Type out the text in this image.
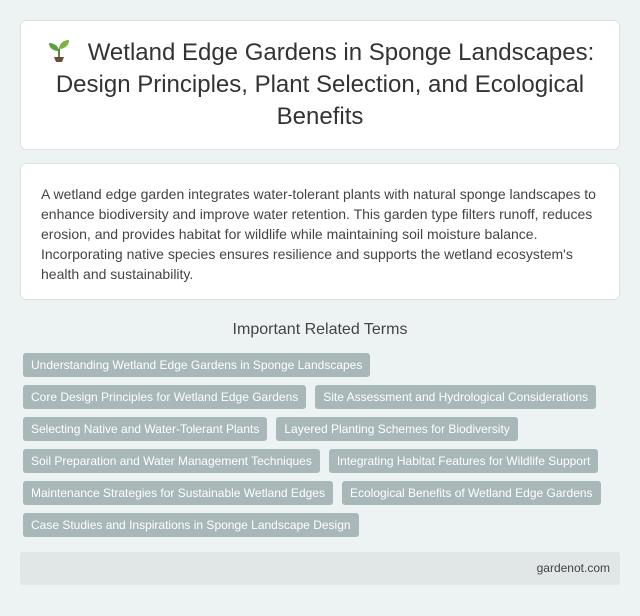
Wetland Edge Gardens in Sponge Landscapes: Design Principles, Plant Selection, and Ecological Benefits

A wetland edge garden integrates water-tolerant plants with natural sponge landscapes to enhance biodiversity and improve water retention. This garden type filters runoff, reduces erosion, and provides habitat for wildlife while maintaining soil moisture balance. Incorporating native species ensures resilience and supports the wetland ecosystem's health and sustainability.

Important Related Terms
Understanding Wetland Edge Gardens in Sponge Landscapes
Core Design Principles for Wetland Edge Gardens	Site Assessment and Hydrological Considerations
Selecting Native and Water-Tolerant Plants	Layered Planting Schemes for Biodiversity
Soil Preparation and Water Management Techniques	Integrating Habitat Features for Wildlife Support
Maintenance Strategies for Sustainable Wetland Edges	Ecological Benefits of Wetland Edge Gardens
Case Studies and Inspirations in Sponge Landscape Design
gardenot.com
